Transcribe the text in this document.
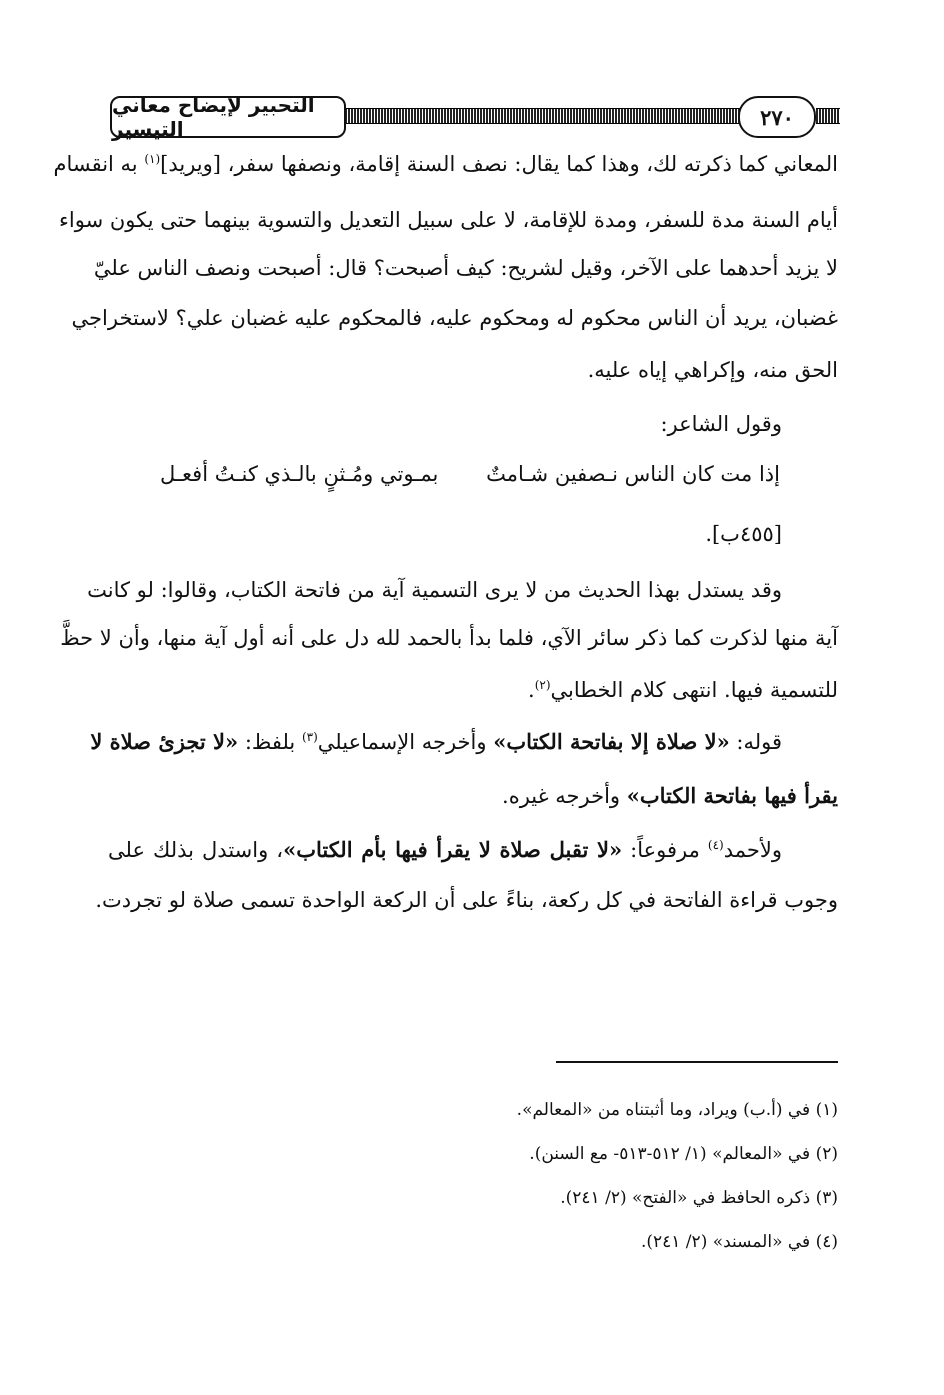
التحبير لإيضاح معاني التيسير	٢٧٠
المعاني كما ذكرته لك، وهذا كما يقال: نصف السنة إقامة، ونصفها سفر، [ويريد]$^{(١)}$ به انقسام
أيام السنة مدة للسفر، ومدة للإقامة، لا على سبيل التعديل والتسوية بينهما حتى يكون سواء
لا يزيد أحدهما على الآخر، وقيل لشريح: كيف أصبحت؟ قال: أصبحت ونصف الناس عليّ
غضبان، يريد أن الناس محكوم له ومحكوم عليه، فالمحكوم عليه غضبان علي؟ لاستخراجي
الحق منه، وإكراهي إياه عليه.
وقول الشاعر:
إذا مت كان الناس نـصفين شـامتٌ
بمـوتي ومُـثنٍ بالـذي كنـتُ أفعـل
[٤٥٥ب].
وقد يستدل بهذا الحديث من لا يرى التسمية آية من فاتحة الكتاب، وقالوا: لو كانت
آية منها لذكرت كما ذكر سائر الآي، فلما بدأ بالحمد لله دل على أنه أول آية منها، وأن لا حظَّ
للتسمية فيها. انتهى كلام الخطابي$^{(٢)}$.
قوله: «لا صلاة إلا بفاتحة الكتاب» وأخرجه الإسماعيلي$^{(٣)}$ بلفظ: «لا تجزئ صلاة لا
يقرأ فيها بفاتحة الكتاب» وأخرجه غيره.
ولأحمد$^{(٤)}$ مرفوعاً: «لا تقبل صلاة لا يقرأ فيها بأم الكتاب»، واستدل بذلك على
وجوب قراءة الفاتحة في كل ركعة، بناءً على أن الركعة الواحدة تسمى صلاة لو تجردت.
(١) في (أ.ب) ويراد، وما أثبتناه من «المعالم».
(٢) في «المعالم» (١/ ٥١٢-٥١٣- مع السنن).
(٣) ذكره الحافظ في «الفتح» (٢/ ٢٤١).
(٤) في «المسند» (٢/ ٢٤١).
